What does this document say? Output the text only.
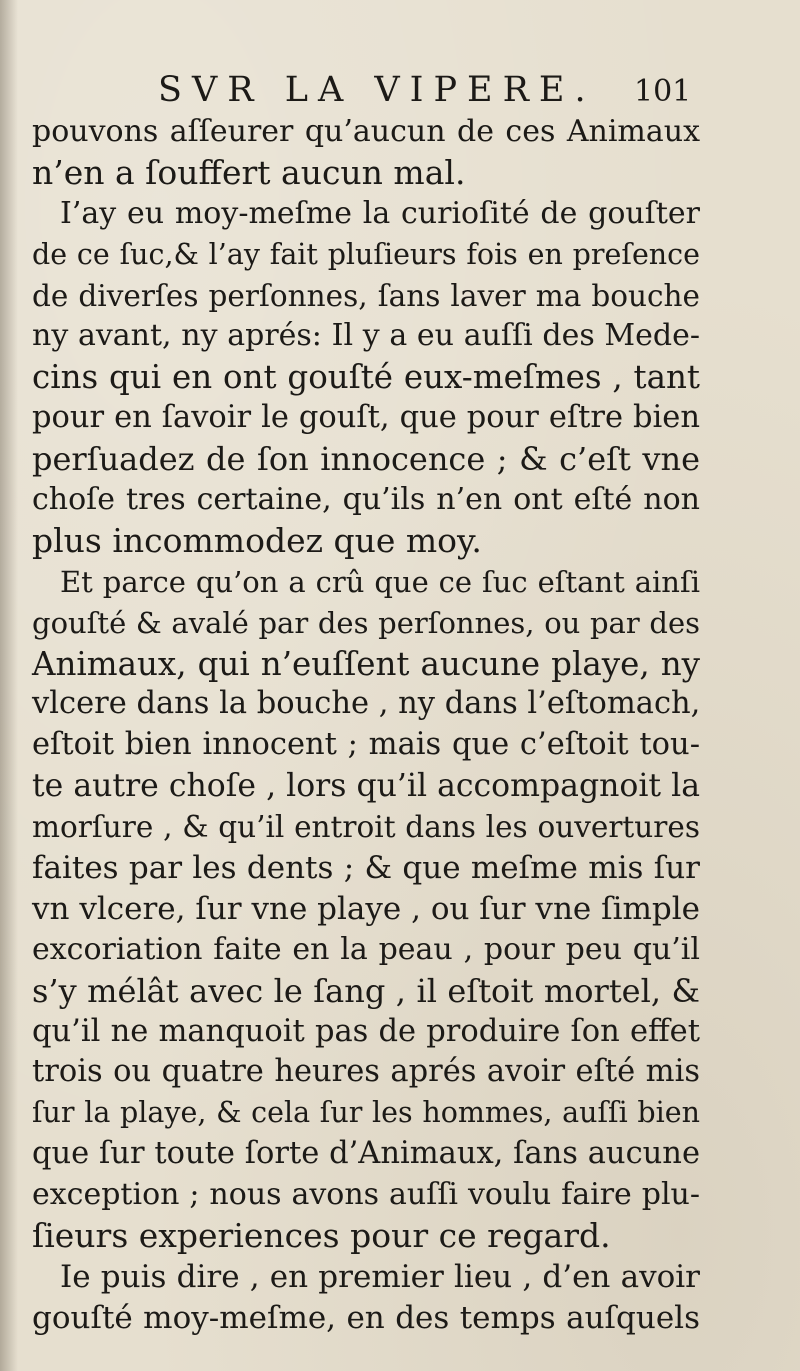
SVR LA VIPERE. 101
pouvons aſſeurer qu’aucun de ces Animaux
n’en a ſouffert aucun mal.
I’ay eu moy-meſme la curioſité de gouſter
de ce ſuc,& l’ay fait pluſieurs fois en preſence
de diverſes perſonnes, ſans laver ma bouche
ny avant, ny aprés: Il y a eu auſſi des Mede-
cins qui en ont gouſté eux-meſmes , tant
pour en ſavoir le gouſt, que pour eſtre bien
perſuadez de ſon innocence ; & c’eſt vne
choſe tres certaine, qu’ils n’en ont eſté non
plus incommodez que moy.
Et parce qu’on a crû que ce ſuc eſtant ainſi
gouſté & avalé par des perſonnes, ou par des
Animaux, qui n’euſſent aucune playe, ny
vlcere dans la bouche , ny dans l’eſtomach,
eſtoit bien innocent ; mais que c’eſtoit tou-
te autre choſe , lors qu’il accompagnoit la
morſure , & qu’il entroit dans les ouvertures
faites par les dents ; & que meſme mis ſur
vn vlcere, ſur vne playe , ou ſur vne ſimple
excoriation faite en la peau , pour peu qu’il
s’y mélât avec le ſang , il eſtoit mortel, &
qu’il ne manquoit pas de produire ſon effet
trois ou quatre heures aprés avoir eſté mis
ſur la playe, & cela ſur les hommes, auſſi bien
que ſur toute ſorte d’Animaux, ſans aucune
exception ; nous avons auſſi voulu faire plu-
ſieurs experiences pour ce regard.
Ie puis dire , en premier lieu , d’en avoir
gouſté moy-meſme, en des temps auſquels
